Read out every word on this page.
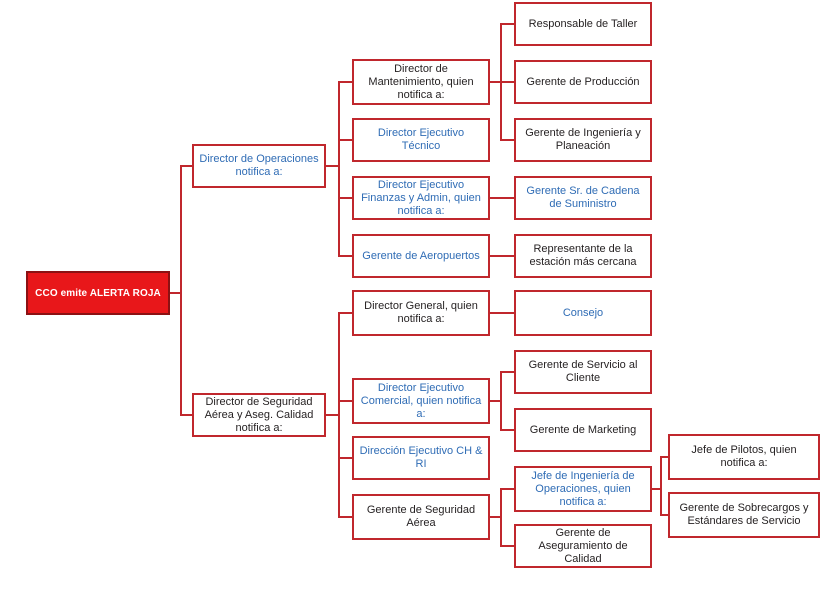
CCO emite ALERTA ROJA
Director de Operaciones notifica a:
Director de Seguridad Aérea y Aseg. Calidad notifica a:
Director de Mantenimiento, quien notifica a:
Director Ejecutivo Técnico
Director Ejecutivo Finanzas y Admin, quien notifica a:
Gerente de Aeropuertos
Director General, quien notifica a:
Director Ejecutivo Comercial, quien notifica a:
Dirección Ejecutivo CH & RI
Gerente de Seguridad Aérea
Responsable de Taller
Gerente de Producción
Gerente de Ingeniería y Planeación
Gerente Sr. de Cadena de Suministro
Representante de la estación más cercana
Consejo
Gerente de Servicio al Cliente
Gerente de Marketing
Jefe de Ingeniería de Operaciones, quien notifica a:
Gerente de Aseguramiento de Calidad
Jefe de Pilotos, quien notifica a:
Gerente de Sobrecargos y Estándares de Servicio
